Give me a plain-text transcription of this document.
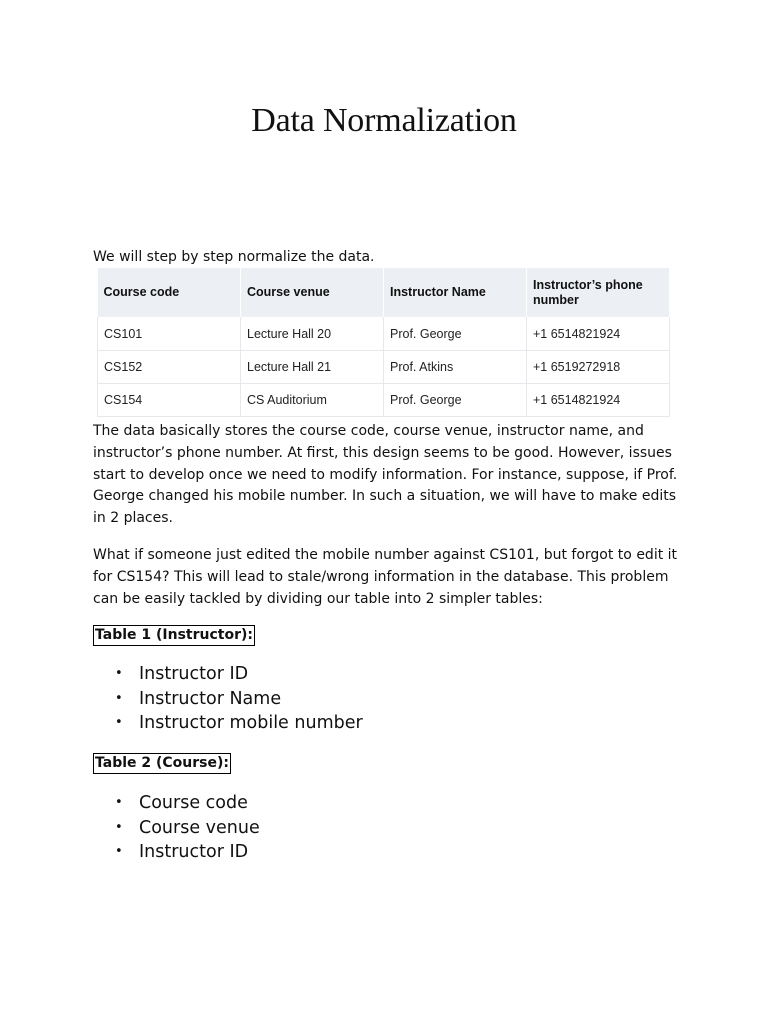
Data Normalization

We will step by step normalize the data.

Course code	Course venue	Instructor Name	Instructor’s phone number
CS101	Lecture Hall 20	Prof. George	+1 6514821924
CS152	Lecture Hall 21	Prof. Atkins	+1 6519272918
CS154	CS Auditorium	Prof. George	+1 6514821924

The data basically stores the course code, course venue, instructor name, and instructor’s phone number. At first, this design seems to be good. However, issues start to develop once we need to modify information. For instance, suppose, if Prof. George changed his mobile number. In such a situation, we will have to make edits in 2 places.

What if someone just edited the mobile number against CS101, but forgot to edit it for CS154? This will lead to stale/wrong information in the database. This problem can be easily tackled by dividing our table into 2 simpler tables:

Table 1 (Instructor):

• Instructor ID
• Instructor Name
• Instructor mobile number

Table 2 (Course):

• Course code
• Course venue
• Instructor ID
